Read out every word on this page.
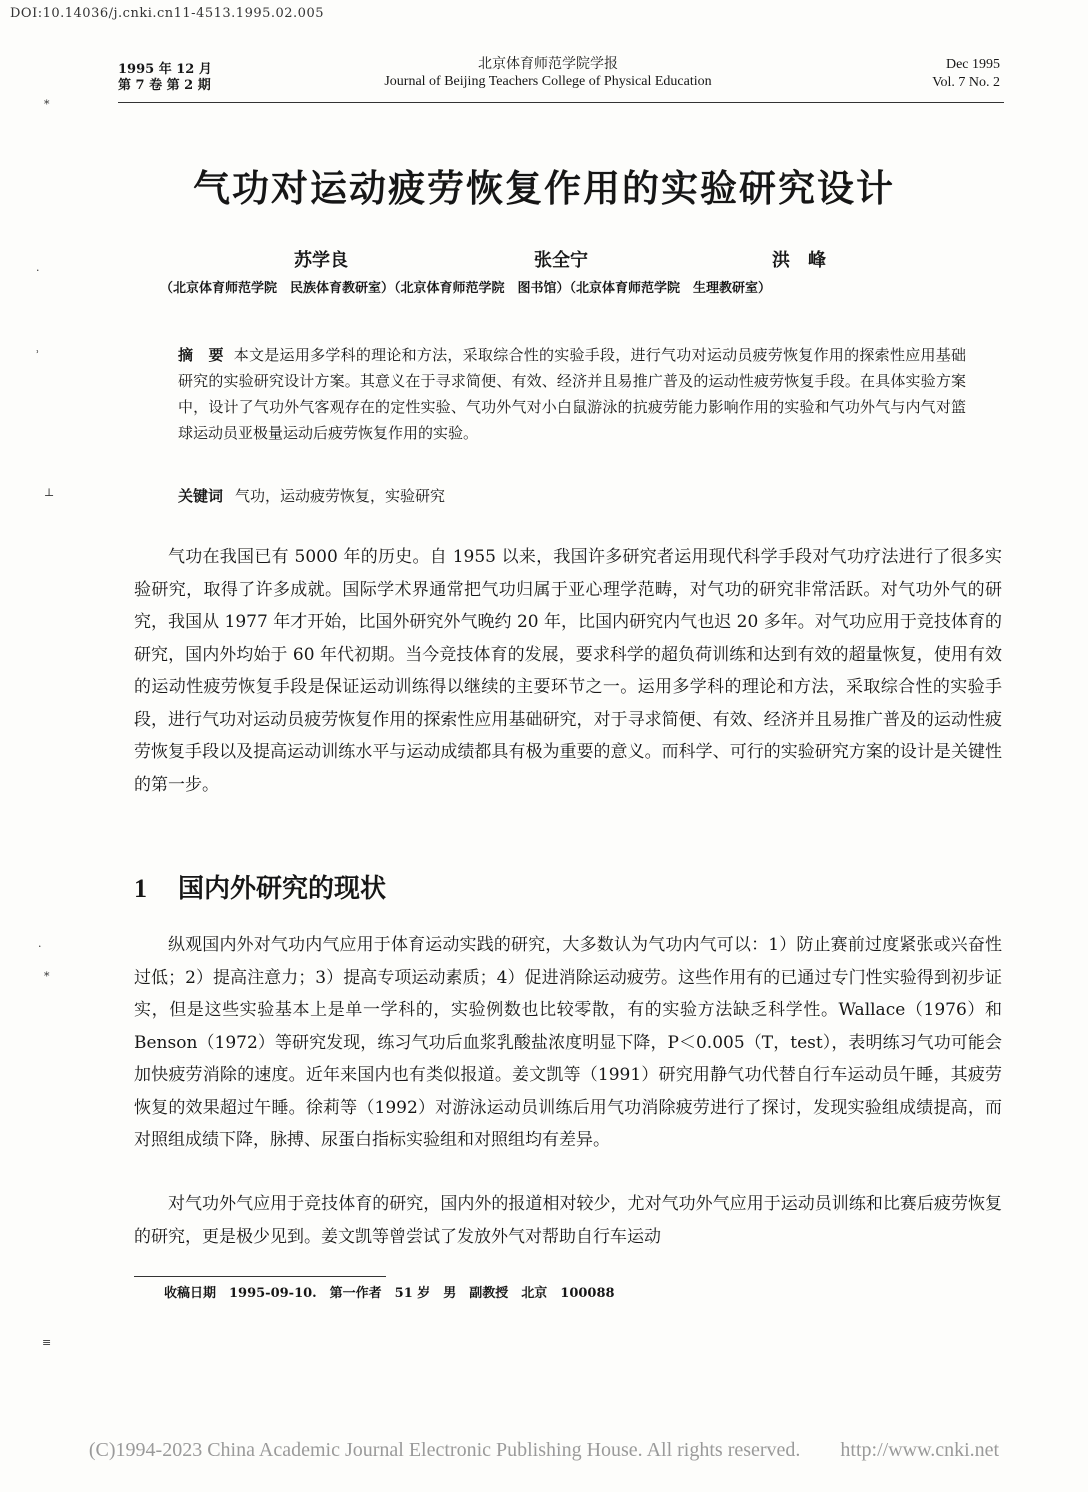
DOI:10.14036/j.cnki.cn11-4513.1995.02.005
1995 年 12 月
第 7 卷 第 2 期
北京体育师范学院学报
Journal of Beijing Teachers College of Physical Education
Dec 1995
Vol. 7 No. 2
气功对运动疲劳恢复作用的实验研究设计
苏学良	张全宁	洪　峰
（北京体育师范学院　民族体育教研室）（北京体育师范学院　图书馆）（北京体育师范学院　生理教研室）
摘　要 本文是运用多学科的理论和方法，采取综合性的实验手段，进行气功对运动员疲劳恢复作用的探索性应用基础研究的实验研究设计方案。其意义在于寻求简便、有效、经济并且易推广普及的运动性疲劳恢复手段。在具体实验方案中，设计了气功外气客观存在的定性实验、气功外气对小白鼠游泳的抗疲劳能力影响作用的实验和气功外气与内气对篮球运动员亚极量运动后疲劳恢复作用的实验。
关键词 气功，运动疲劳恢复，实验研究

气功在我国已有 5000 年的历史。自 1955 以来，我国许多研究者运用现代科学手段对气功疗法进行了很多实验研究，取得了许多成就。国际学术界通常把气功归属于亚心理学范畴，对气功的研究非常活跃。对气功外气的研究，我国从 1977 年才开始，比国外研究外气晚约 20 年，比国内研究内气也迟 20 多年。对气功应用于竞技体育的研究，国内外均始于 60 年代初期。当今竞技体育的发展，要求科学的超负荷训练和达到有效的超量恢复，使用有效的运动性疲劳恢复手段是保证运动训练得以继续的主要环节之一。运用多学科的理论和方法，采取综合性的实验手段，进行气功对运动员疲劳恢复作用的探索性应用基础研究，对于寻求简便、有效、经济并且易推广普及的运动性疲劳恢复手段以及提高运动训练水平与运动成绩都具有极为重要的意义。而科学、可行的实验研究方案的设计是关键性的第一步。

1 国内外研究的现状

纵观国内外对气功内气应用于体育运动实践的研究，大多数认为气功内气可以：1）防止赛前过度紧张或兴奋性过低；2）提高注意力；3）提高专项运动素质；4）促进消除运动疲劳。这些作用有的已通过专门性实验得到初步证实，但是这些实验基本上是单一学科的，实验例数也比较零散，有的实验方法缺乏科学性。Wallace（1976）和 Benson（1972）等研究发现，练习气功后血浆乳酸盐浓度明显下降，P＜0.005（T，test），表明练习气功可能会加快疲劳消除的速度。近年来国内也有类似报道。姜文凯等（1991）研究用静气功代替自行车运动员午睡，其疲劳恢复的效果超过午睡。徐莉等（1992）对游泳运动员训练后用气功消除疲劳进行了探讨，发现实验组成绩提高，而对照组成绩下降，脉搏、尿蛋白指标实验组和对照组均有差异。

对气功外气应用于竞技体育的研究，国内外的报道相对较少，尤对气功外气应用于运动员训练和比赛后疲劳恢复的研究，更是极少见到。姜文凯等曾尝试了发放外气对帮助自行车运动

收稿日期　1995-09-10.　第一作者　51 岁　男　副教授　北京　100088
(C)1994-2023 China Academic Journal Electronic Publishing House. All rights reserved.　　http://www.cnki.net
⁎
·
˒
⊥
·
⁎
≡
